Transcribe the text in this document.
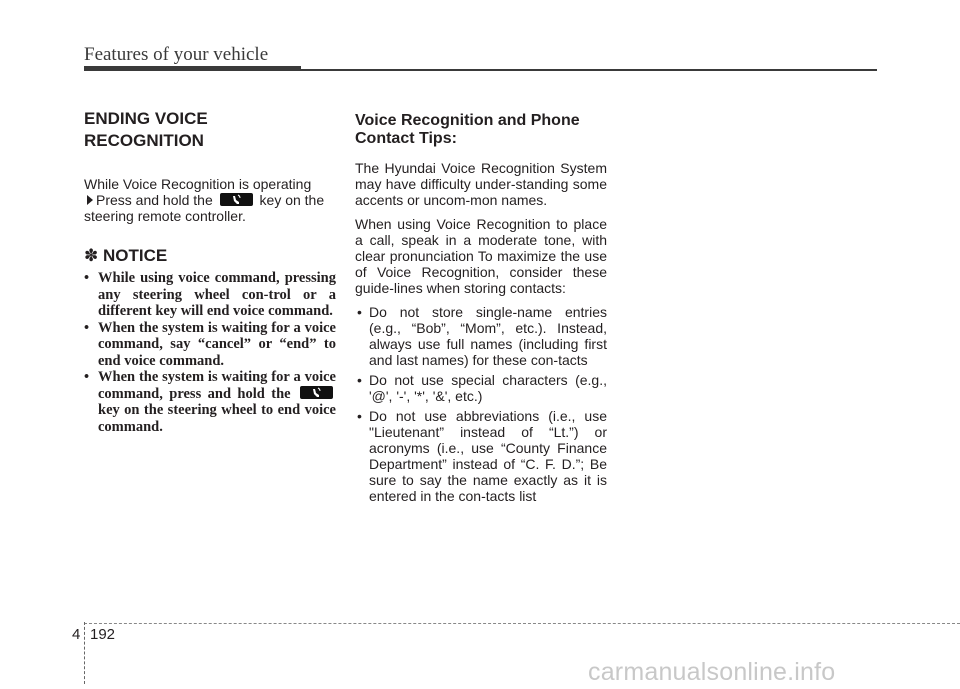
Features of your vehicle
ENDING VOICE
RECOGNITION

While Voice Recognition is operating
Press and hold the	key on the
steering remote controller.

✽ NOTICE
• While using voice command, pressing any steering wheel con-trol or a different key will end voice command.
• When the system is waiting for a voice command, say “cancel” or “end” to end voice command.
• When the system is waiting for a voice command, press and hold the
key on the steering wheel to end voice command.
Voice Recognition and Phone
Contact Tips:

The Hyundai Voice Recognition System may have difficulty under-standing some accents or uncom-mon names.

When using Voice Recognition to place a call, speak in a moderate tone, with clear pronunciation To maximize the use of Voice Recognition, consider these guide-lines when storing contacts:

• Do not store single-name entries (e.g., “Bob”, “Mom”, etc.). Instead, always use full names (including first and last names) for these con-tacts
• Do not use special characters (e.g., '@', '-', '*', '&', etc.)
• Do not use abbreviations (i.e., use "Lieutenant” instead of “Lt.”) or acronyms (i.e., use “County Finance Department” instead of “C. F. D.”; Be sure to say the name exactly as it is entered in the con-tacts list
4 192
carmanualsonline.info
